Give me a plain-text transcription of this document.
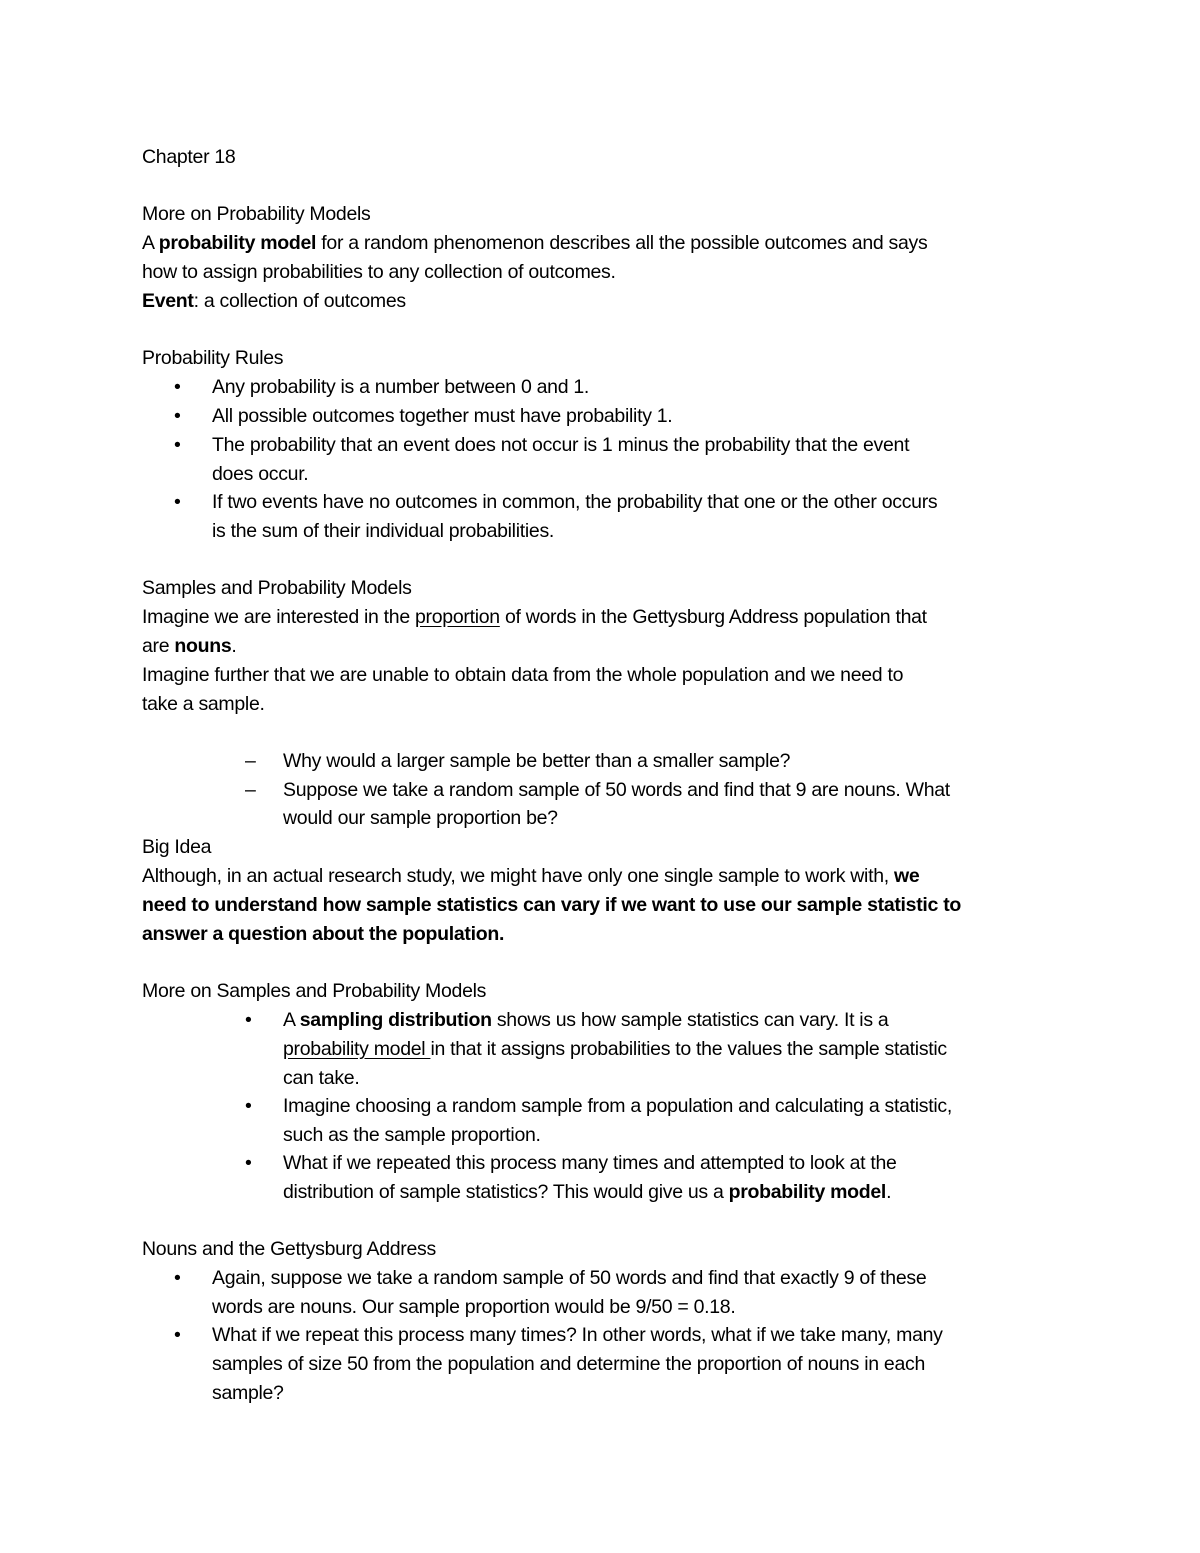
Chapter 18
More on Probability Models
A probability model for a random phenomenon describes all the possible outcomes and says
how to assign probabilities to any collection of outcomes.
Event: a collection of outcomes
Probability Rules
• Any probability is a number between 0 and 1.
• All possible outcomes together must have probability 1.
• The probability that an event does not occur is 1 minus the probability that the event
does occur.
• If two events have no outcomes in common, the probability that one or the other occurs
is the sum of their individual probabilities.
Samples and Probability Models
Imagine we are interested in the proportion of words in the Gettysburg Address population that
are nouns.
Imagine further that we are unable to obtain data from the whole population and we need to
take a sample.
– Why would a larger sample be better than a smaller sample?
– Suppose we take a random sample of 50 words and find that 9 are nouns. What
would our sample proportion be?
Big Idea
Although, in an actual research study, we might have only one single sample to work with, we
need to understand how sample statistics can vary if we want to use our sample statistic to
answer a question about the population.
More on Samples and Probability Models
• A sampling distribution shows us how sample statistics can vary. It is a
probability model in that it assigns probabilities to the values the sample statistic
can take.
• Imagine choosing a random sample from a population and calculating a statistic,
such as the sample proportion.
• What if we repeated this process many times and attempted to look at the
distribution of sample statistics? This would give us a probability model.
Nouns and the Gettysburg Address
• Again, suppose we take a random sample of 50 words and find that exactly 9 of these
words are nouns. Our sample proportion would be 9/50 = 0.18.
• What if we repeat this process many times? In other words, what if we take many, many
samples of size 50 from the population and determine the proportion of nouns in each
sample?
